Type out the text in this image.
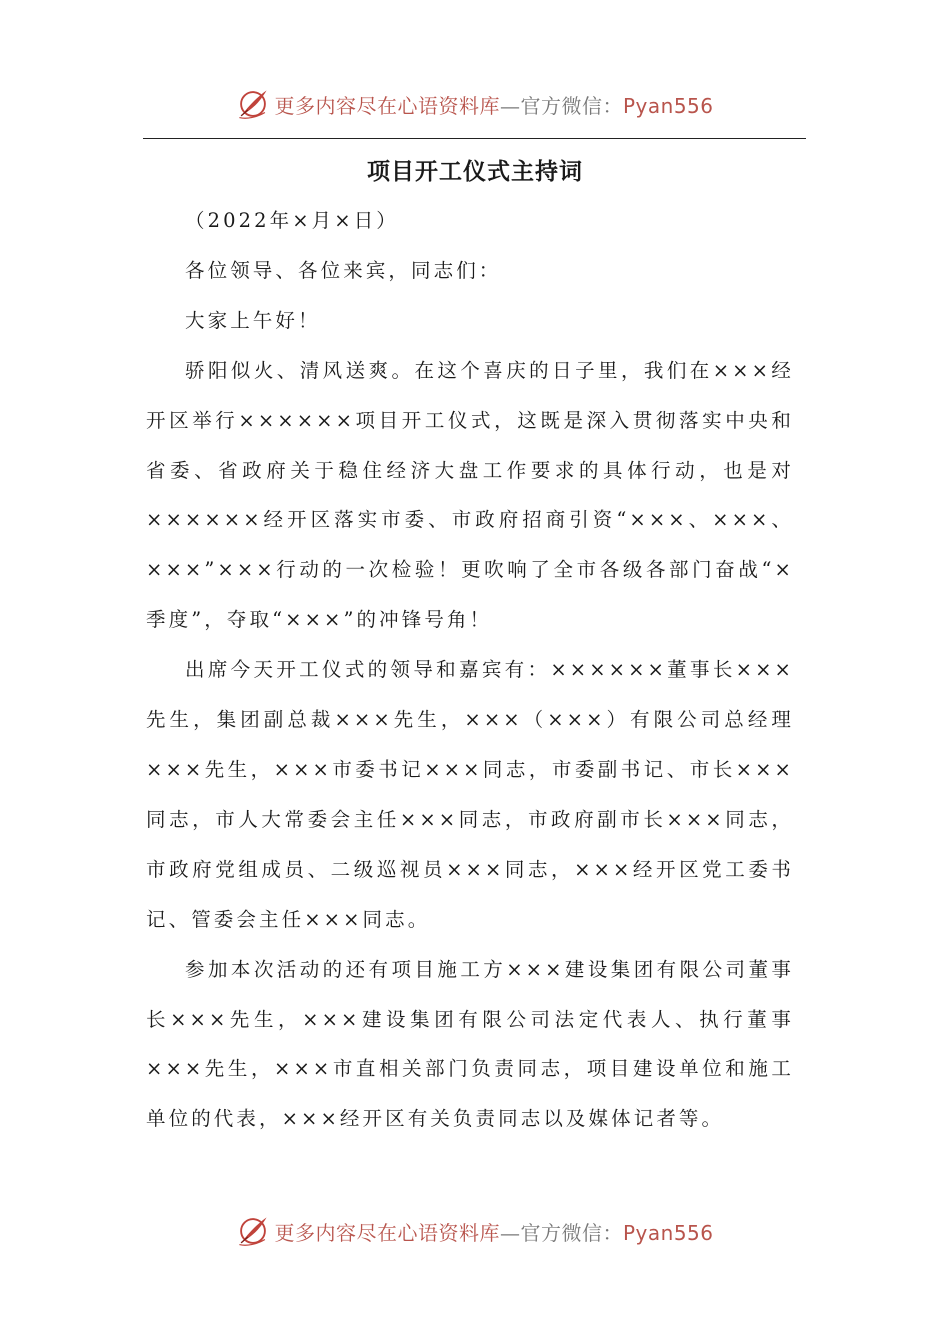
更多内容尽在心语资料库—官方微信：Pyan556
项目开工仪式主持词

（2022年×月×日）

各位领导、各位来宾，同志们：

大家上午好！

骄阳似火、清风送爽。在这个喜庆的日子里，我们在×××经开区举行××××××项目开工仪式，这既是深入贯彻落实中央和省委、省政府关于稳住经济大盘工作要求的具体行动，也是对××××××经开区落实市委、市政府招商引资“×××、×××、×××”×××行动的一次检验！更吹响了全市各级各部门奋战“×季度”，夺取“×××”的冲锋号角！

出席今天开工仪式的领导和嘉宾有：××××××董事长×××先生，集团副总裁×××先生，×××（×××）有限公司总经理×××先生，×××市委书记×××同志，市委副书记、市长×××同志，市人大常委会主任×××同志，市政府副市长×××同志，市政府党组成员、二级巡视员×××同志，×××经开区党工委书记、管委会主任×××同志。

参加本次活动的还有项目施工方×××建设集团有限公司董事长×××先生，×××建设集团有限公司法定代表人、执行董事×××先生，×××市直相关部门负责同志，项目建设单位和施工单位的代表，×××经开区有关负责同志以及媒体记者等。

更多内容尽在心语资料库—官方微信：Pyan556
